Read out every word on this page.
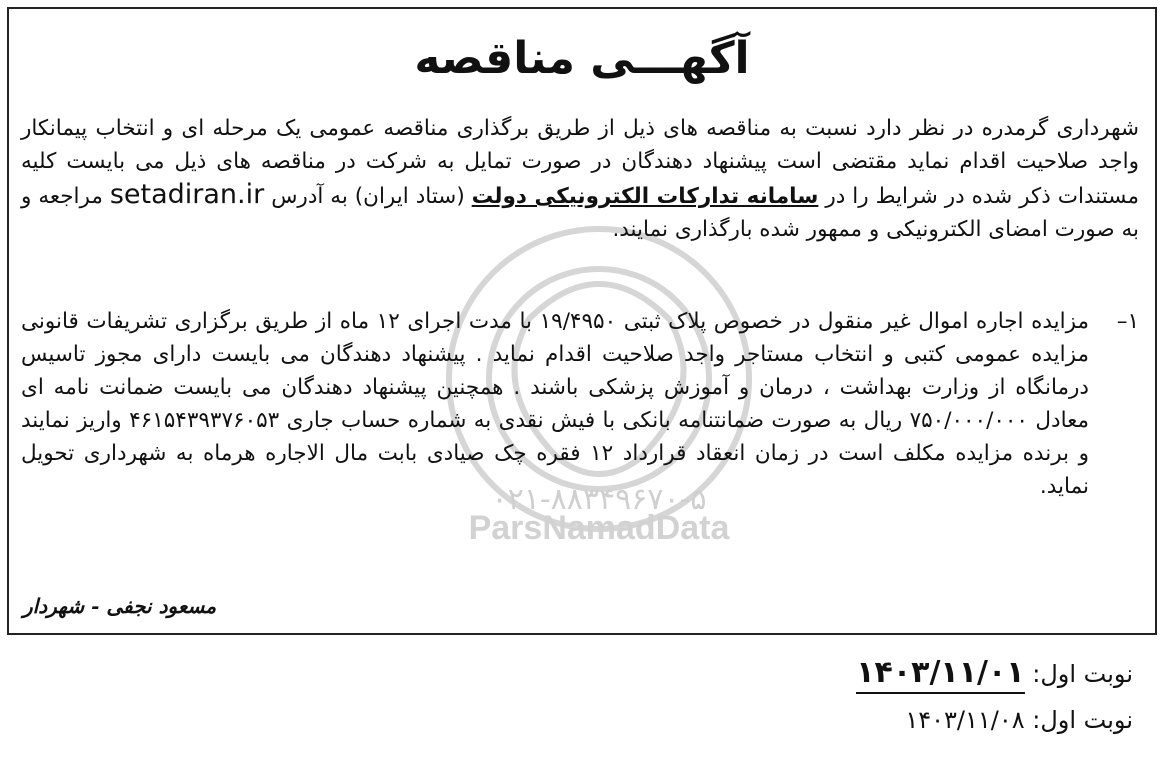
ParsNamadData
۰۲۱-۸۸۳۴۹۶۷۰-۵
آگهـــی مناقصه
شهرداری گرمدره در نظر دارد نسبت به مناقصه های ذیل از طریق برگذاری مناقصه عمومی یک مرحله ای و انتخاب پیمانکار واجد صلاحیت اقدام نماید مقتضی است پیشنهاد دهندگان در صورت تمایل به شرکت در مناقصه های ذیل می بایست کلیه مستندات ذکر شده در شرایط را در سامانه تدارکات الکترونیکی دولت (ستاد ایران) به آدرس setadiran.ir مراجعه و به صورت امضای الکترونیکی و ممهور شده بارگذاری نمایند.
۱–
مزایده اجاره اموال غیر منقول در خصوص پلاک ثبتی ۱۹/۴۹۵۰ با مدت اجرای ۱۲ ماه از طریق برگزاری تشریفات قانونی مزایده عمومی کتبی و انتخاب مستاجر واجد صلاحیت اقدام نماید . پیشنهاد دهندگان می بایست دارای مجوز تاسیس درمانگاه از وزارت بهداشت ، درمان و آموزش پزشکی باشند . همچنین پیشنهاد دهندگان می بایست ضمانت نامه ای معادل ۷۵۰/۰۰۰/۰۰۰ ریال به صورت ضمانتنامه بانکی با فیش نقدی به شماره حساب جاری ۴۶۱۵۴۳۹۳۷۶۰۵۳ واریز نمایند و برنده مزایده مکلف است در زمان انعقاد قرارداد ۱۲ فقره چک صیادی بابت مال الاجاره هرماه به شهرداری تحویل نماید.
مسعود نجفی - شهردار
نوبت اول: ۱۴۰۳/۱۱/۰۱
نوبت اول: ۱۴۰۳/۱۱/۰۸
